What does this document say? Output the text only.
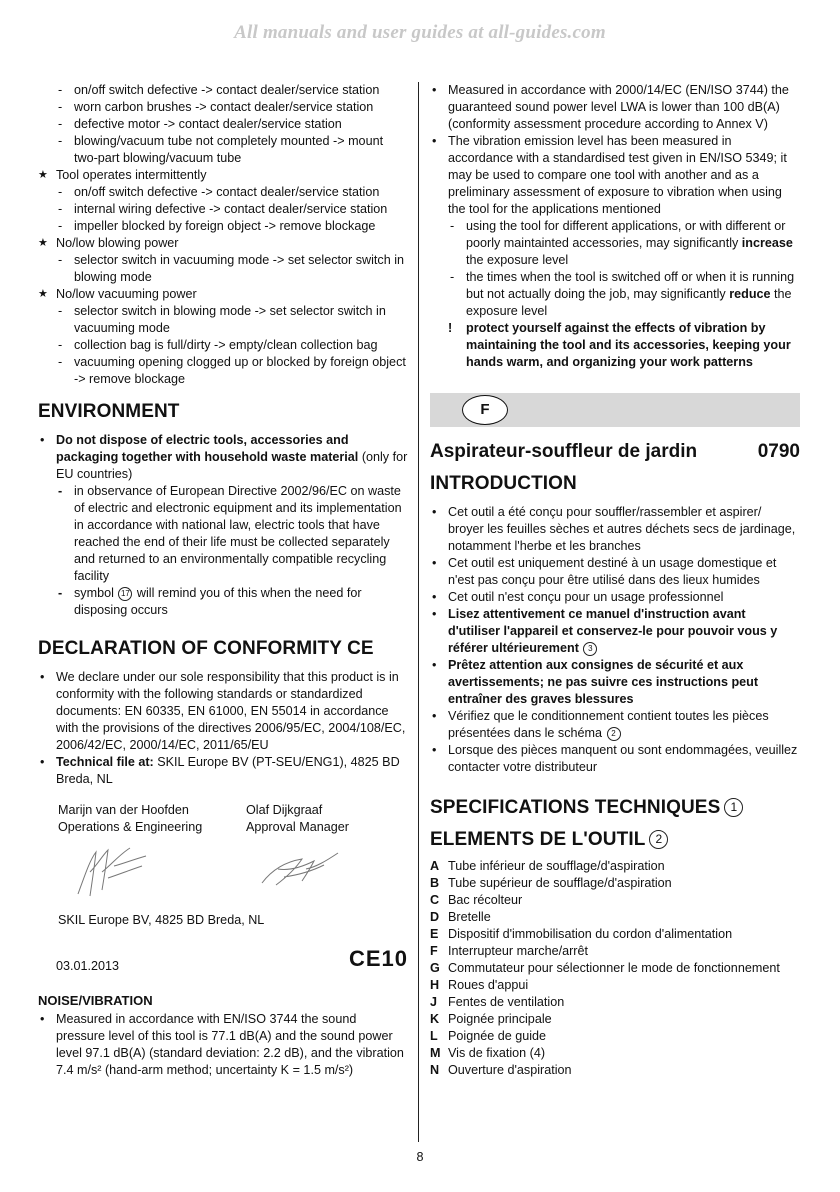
All manuals and user guides at all-guides.com
- on/off switch defective -> contact dealer/service station
- worn carbon brushes -> contact dealer/service station
- defective motor -> contact dealer/service station
- blowing/vacuum tube not completely mounted -> mount two-part blowing/vacuum tube
★ Tool operates intermittently
- on/off switch defective -> contact dealer/service station
- internal wiring defective -> contact dealer/service station
- impeller blocked by foreign object -> remove blockage
★ No/low blowing power
- selector switch in vacuuming mode -> set selector switch in blowing mode
★ No/low vacuuming power
- selector switch in blowing mode -> set selector switch in vacuuming mode
- collection bag is full/dirty -> empty/clean collection bag
- vacuuming opening clogged up or blocked by foreign object -> remove blockage
ENVIRONMENT
• Do not dispose of electric tools, accessories and packaging together with household waste material (only for EU countries)
- in observance of European Directive 2002/96/EC on waste of electric and electronic equipment and its implementation in accordance with national law, electric tools that have reached the end of their life must be collected separately and returned to an environmentally compatible recycling facility
- symbol 17 will remind you of this when the need for disposing occurs
DECLARATION OF CONFORMITY CE
• We declare under our sole responsibility that this product is in conformity with the following standards or standardized documents: EN 60335, EN 61000, EN 55014 in accordance with the provisions of the directives 2006/95/EC, 2004/108/EC, 2006/42/EC, 2000/14/EC, 2011/65/EU
• Technical file at: SKIL Europe BV (PT-SEU/ENG1), 4825 BD Breda, NL
Marijn van der Hoofden
Operations & Engineering
Olaf Dijkgraaf
Approval Manager
SKIL Europe BV, 4825 BD Breda, NL
03.01.2013	CE10
NOISE/VIBRATION
• Measured in accordance with EN/ISO 3744 the sound pressure level of this tool is 77.1 dB(A) and the sound power level 97.1 dB(A) (standard deviation: 2.2 dB), and the vibration 7.4 m/s² (hand-arm method; uncertainty K = 1.5 m/s²)
• Measured in accordance with 2000/14/EC (EN/ISO 3744) the guaranteed sound power level LWA is lower than 100 dB(A) (conformity assessment procedure according to Annex V)
• The vibration emission level has been measured in accordance with a standardised test given in EN/ISO 5349; it may be used to compare one tool with another and as a preliminary assessment of exposure to vibration when using the tool for the applications mentioned
- using the tool for different applications, or with different or poorly maintainted accessories, may significantly increase the exposure level
- the times when the tool is switched off or when it is running but not actually doing the job, may significantly reduce the exposure level
! protect yourself against the effects of vibration by maintaining the tool and its accessories, keeping your hands warm, and organizing your work patterns
F
Aspirateur-souffleur de jardin	0790
INTRODUCTION
• Cet outil a été conçu pour souffler/rassembler et aspirer/ broyer les feuilles sèches et autres déchets secs de jardinage, notamment l'herbe et les branches
• Cet outil est uniquement destiné à un usage domestique et n'est pas conçu pour être utilisé dans des lieux humides
• Cet outil n'est conçu pour un usage professionnel
• Lisez attentivement ce manuel d'instruction avant d'utiliser l'appareil et conservez-le pour pouvoir vous y référer ultérieurement 3
• Prêtez attention aux consignes de sécurité et aux avertissements; ne pas suivre ces instructions peut entraîner des graves blessures
• Vérifiez que le conditionnement contient toutes les pièces présentées dans le schéma 2
• Lorsque des pièces manquent ou sont endommagées, veuillez contacter votre distributeur
SPECIFICATIONS TECHNIQUES 1
ELEMENTS DE L'OUTIL 2
A Tube inférieur de soufflage/d'aspiration
B Tube supérieur de soufflage/d'aspiration
C Bac récolteur
D Bretelle
E Dispositif d'immobilisation du cordon d'alimentation
F Interrupteur marche/arrêt
G Commutateur pour sélectionner le mode de fonctionnement
H Roues d'appui
J Fentes de ventilation
K Poignée principale
L Poignée de guide
M Vis de fixation (4)
N Ouverture d'aspiration
8
